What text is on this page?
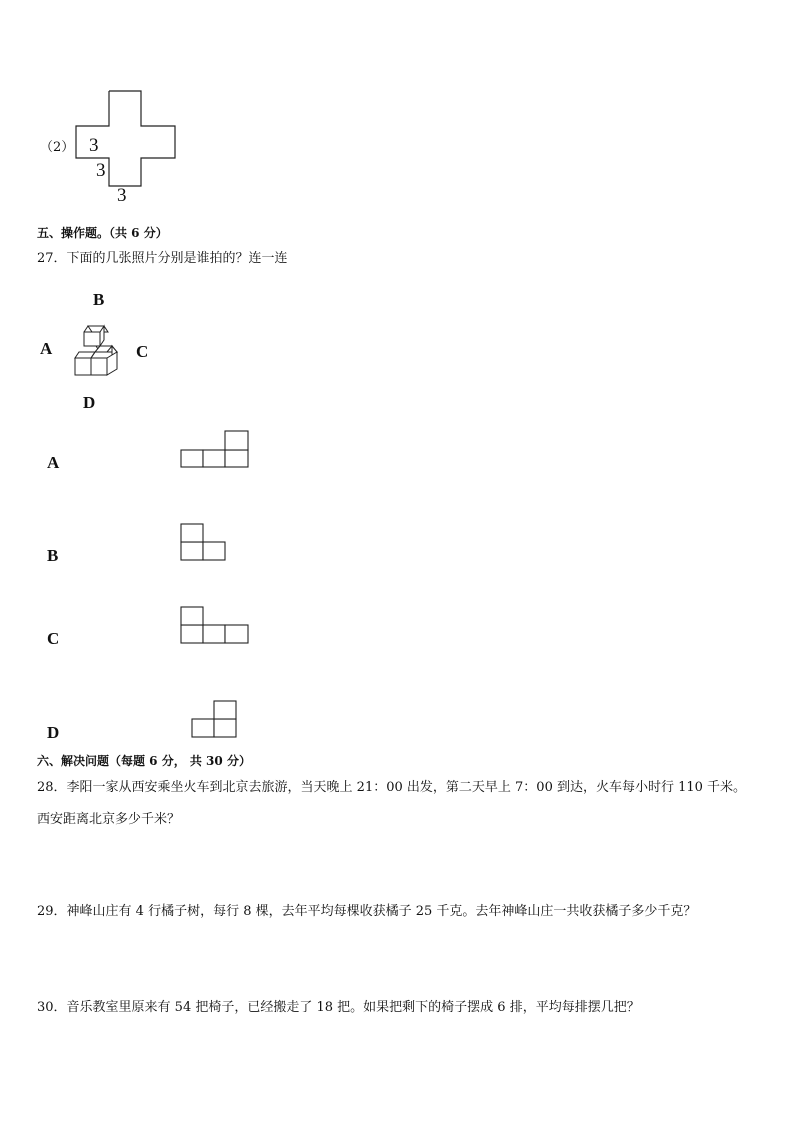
（2） 3
3
3
五、操作题。（共 6 分）
27．下面的几张照片分别是谁拍的？连一连
B
A	C
D
A
B
C
D
六、解决问题（每题 6 分， 共 30 分）
28．李阳一家从西安乘坐火车到北京去旅游，当天晚上 21：00 出发，第二天早上 7：00 到达，火车每小时行 110 千米。
西安距离北京多少千米？
29．神峰山庄有 4 行橘子树，每行 8 棵，去年平均每棵收获橘子 25 千克。去年神峰山庄一共收获橘子多少千克？
30．音乐教室里原来有 54 把椅子，已经搬走了 18 把。如果把剩下的椅子摆成 6 排，平均每排摆几把？
